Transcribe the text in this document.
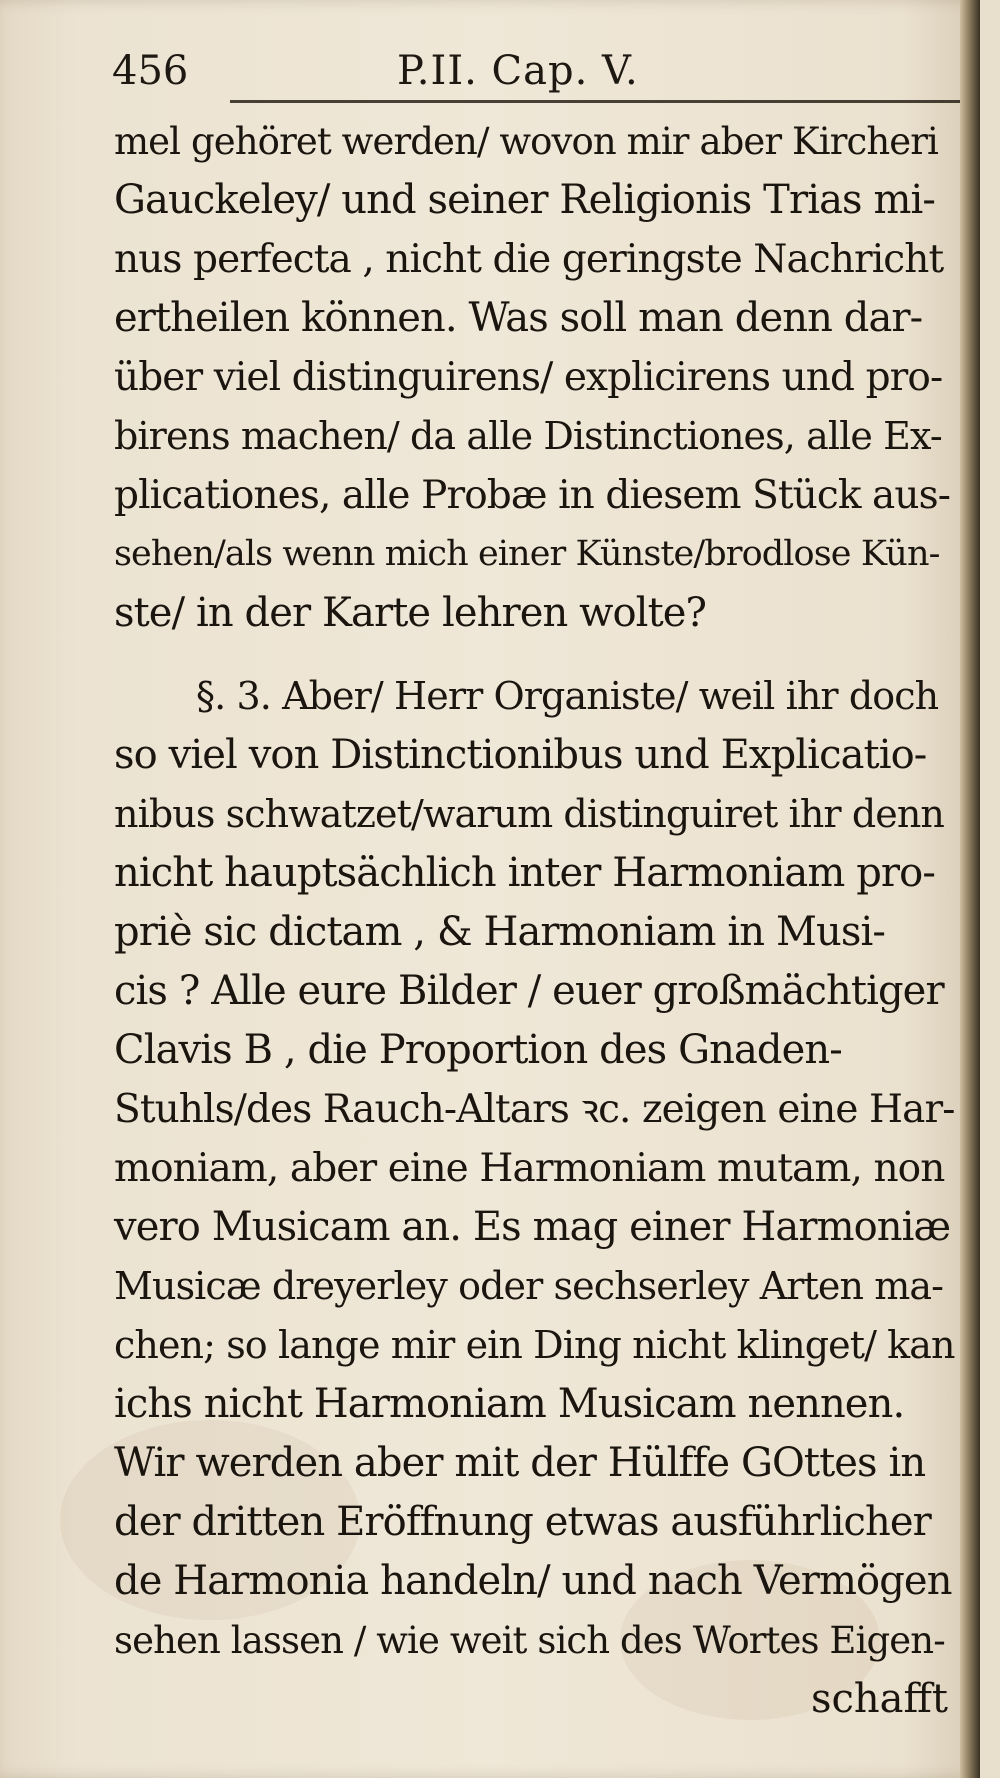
456	P.II. Cap. V.
mel gehöret werden/ wovon mir aber Kircheri
Gauckeley/ und seiner Religionis Trias mi-
nus perfecta , nicht die geringste Nachricht
ertheilen können. Was soll man denn dar-
über viel distinguirens/ explicirens und pro-
birens machen/ da alle Distinctiones, alle Ex-
plicationes, alle Probæ in diesem Stück aus-
sehen/als wenn mich einer Künste/brodlose Kün-
ste/ in der Karte lehren wolte?
§. 3. Aber/ Herr Organiste/ weil ihr doch
so viel von Distinctionibus und Explicatio-
nibus schwatzet/warum distinguiret ihr denn
nicht hauptsächlich inter Harmoniam pro-
priè sic dictam , & Harmoniam in Musi-
cis ? Alle eure Bilder / euer großmächtiger
Clavis B , die Proportion des Gnaden-
Stuhls/des Rauch-Altars ꝛc. zeigen eine Har-
moniam, aber eine Harmoniam mutam, non
vero Musicam an. Es mag einer Harmoniæ
Musicæ dreyerley oder sechserley Arten ma-
chen; so lange mir ein Ding nicht klinget/ kan
ichs nicht Harmoniam Musicam nennen.
Wir werden aber mit der Hülffe GOttes in
der dritten Eröffnung etwas ausführlicher
de Harmonia handeln/ und nach Vermögen
sehen lassen / wie weit sich des Wortes Eigen-
schafft
